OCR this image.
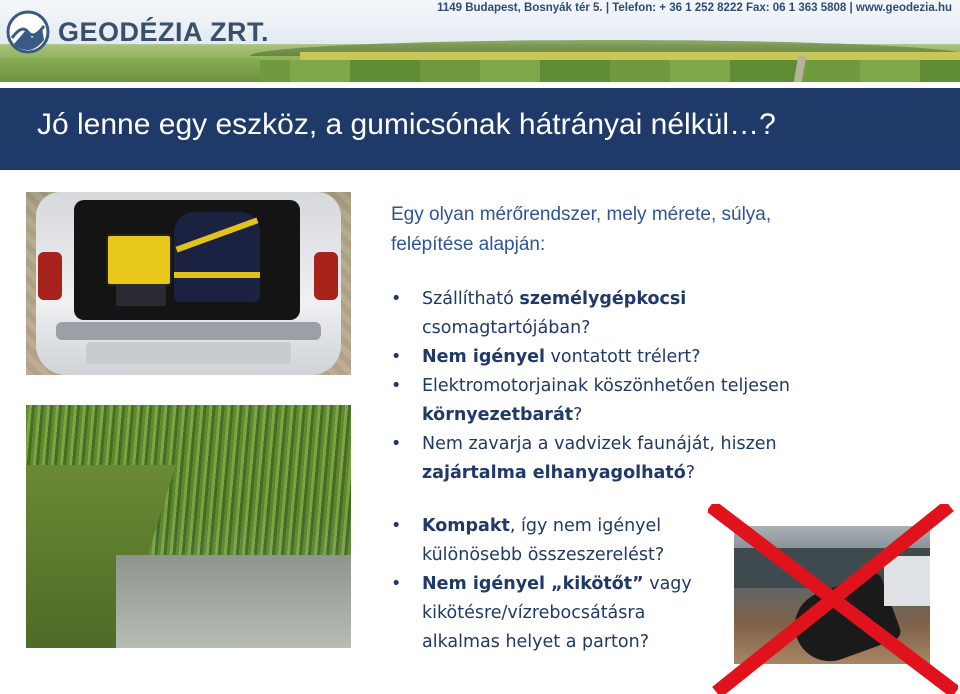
GEODÉZIA ZRT.
1149 Budapest, Bosnyák tér 5. | Telefon: + 36 1 252 8222 Fax: 06 1 363 5808 | www.geodezia.hu
Jó lenne egy eszköz, a gumicsónak hátrányai nélkül…?

Egy olyan mérőrendszer, mely mérete, súlya,
felépítése alapján:

• Szállítható személygépkocsi csomagtartójában?
• Nem igényel vontatott trélert?
• Elektromotorjainak köszönhetően teljesen környezetbarát?
• Nem zavarja a vadvizek faunáját, hiszen zajártalma elhanyagolható?
• Kompakt, így nem igényel különösebb összeszerelést?
• Nem igényel „kikötőt” vagy kikötésre/vízrebocsátásra alkalmas helyet a parton?
